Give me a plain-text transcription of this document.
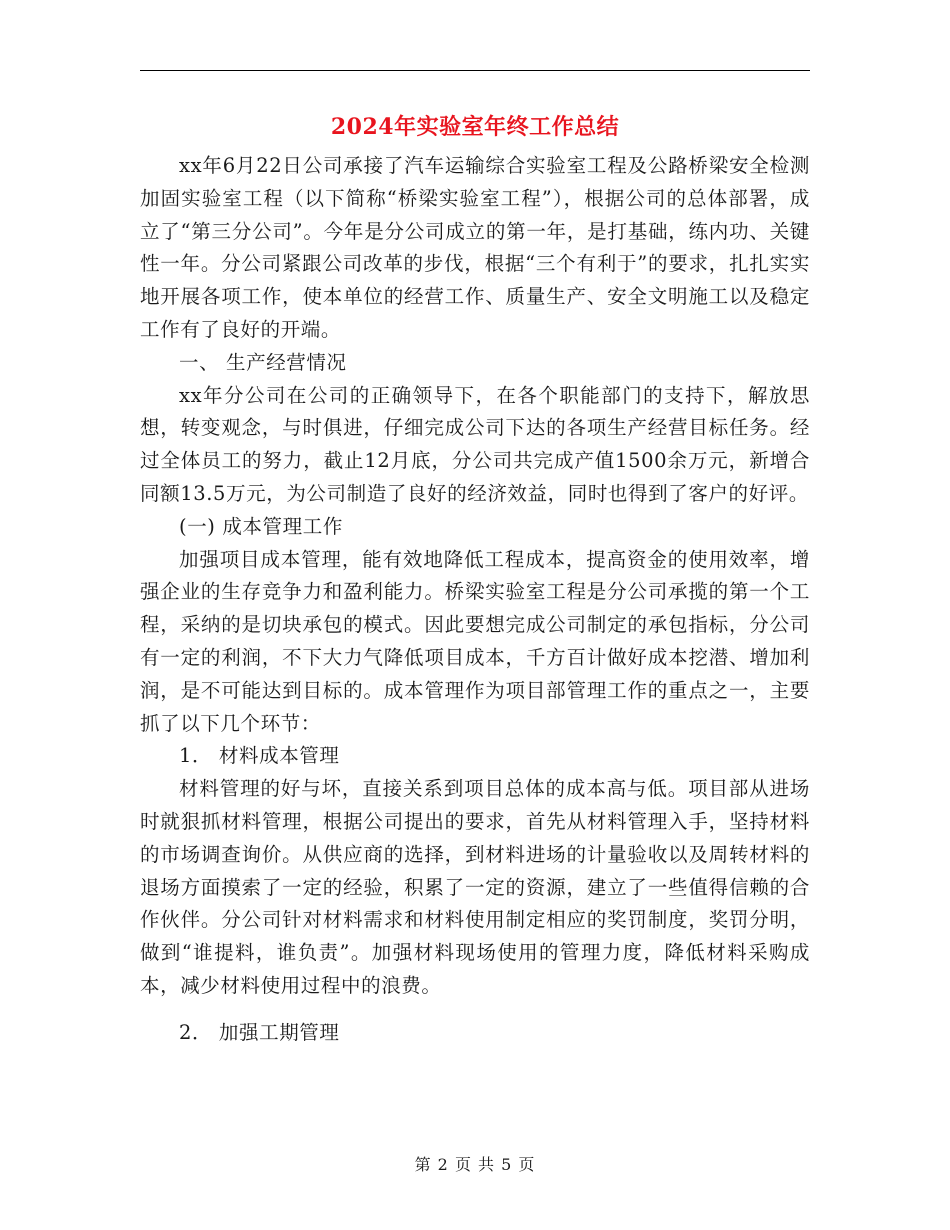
2024年实验室年终工作总结

xx年6月22日公司承接了汽车运输综合实验室工程及公路桥梁安全检测加固实验室工程（以下简称“桥梁实验室工程”），根据公司的总体部署，成立了“第三分公司”。今年是分公司成立的第一年，是打基础，练内功、关键性一年。分公司紧跟公司改革的步伐，根据“三个有利于”的要求，扎扎实实地开展各项工作，使本单位的经营工作、质量生产、安全文明施工以及稳定工作有了良好的开端。

一、 生产经营情况

xx年分公司在公司的正确领导下，在各个职能部门的支持下，解放思想，转变观念，与时俱进，仔细完成公司下达的各项生产经营目标任务。经过全体员工的努力，截止12月底，分公司共完成产值1500余万元，新增合同额13.5万元，为公司制造了良好的经济效益，同时也得到了客户的好评。

(一) 成本管理工作

加强项目成本管理，能有效地降低工程成本，提高资金的使用效率，增强企业的生存竞争力和盈利能力。桥梁实验室工程是分公司承揽的第一个工程，采纳的是切块承包的模式。因此要想完成公司制定的承包指标，分公司有一定的利润，不下大力气降低项目成本，千方百计做好成本挖潜、增加利润，是不可能达到目标的。成本管理作为项目部管理工作的重点之一，主要抓了以下几个环节：

1． 材料成本管理

材料管理的好与坏，直接关系到项目总体的成本高与低。项目部从进场时就狠抓材料管理，根据公司提出的要求，首先从材料管理入手，坚持材料的市场调查询价。从供应商的选择，到材料进场的计量验收以及周转材料的退场方面摸索了一定的经验，积累了一定的资源，建立了一些值得信赖的合作伙伴。分公司针对材料需求和材料使用制定相应的奖罚制度，奖罚分明，做到“谁提料，谁负责”。加强材料现场使用的管理力度，降低材料采购成本，减少材料使用过程中的浪费。

2． 加强工期管理

第 2 页 共 5 页
